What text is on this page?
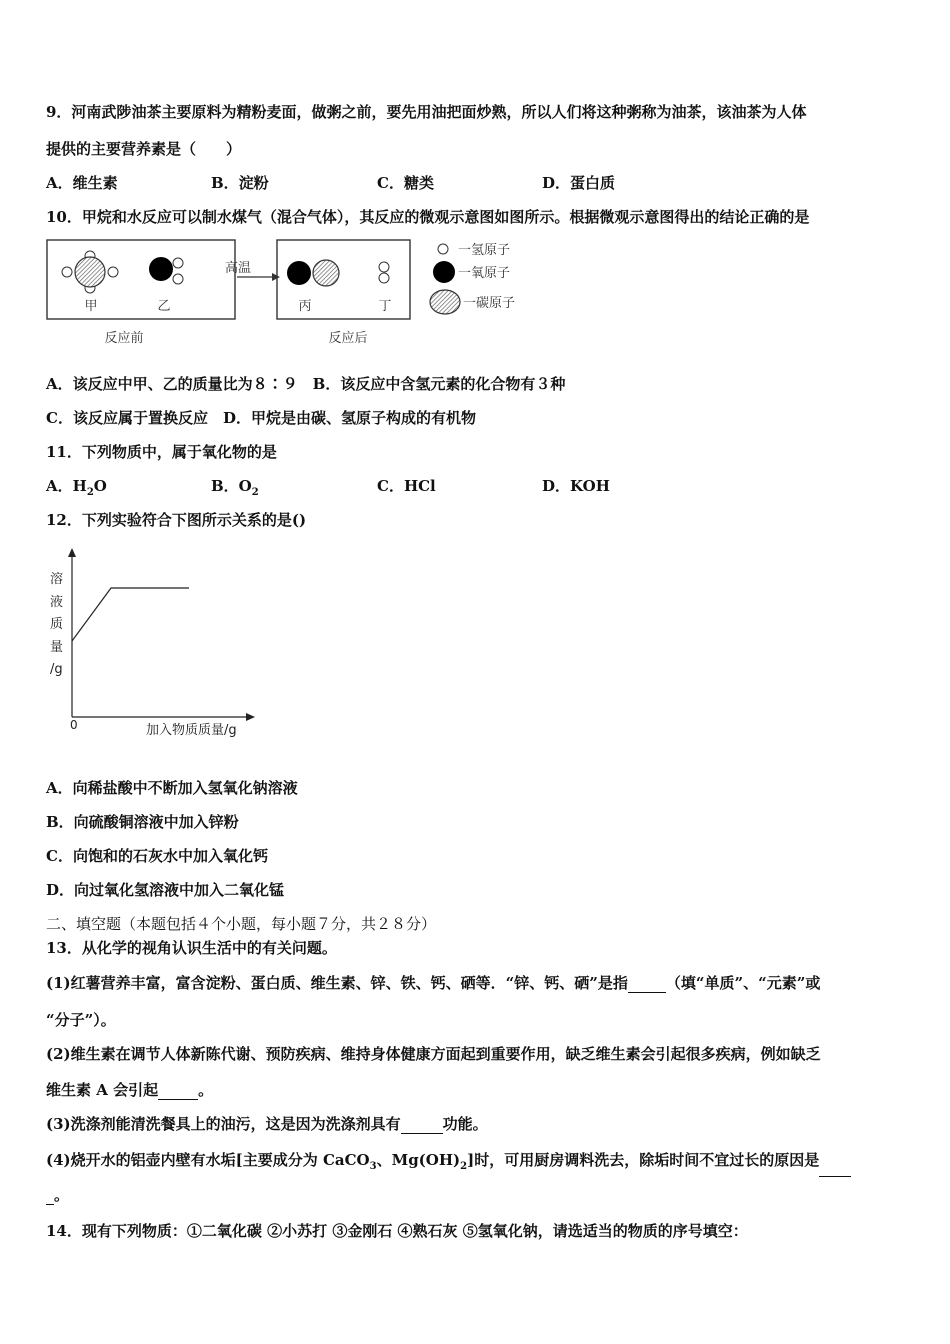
9．河南武陟油茶主要原料为精粉麦面，做粥之前，要先用油把面炒熟，所以人们将这种粥称为油茶，该油茶为人体
提供的主要营养素是（　　）
A．维生素	B．淀粉	C．糖类	D．蛋白质
10．甲烷和水反应可以制水煤气（混合气体），其反应的微观示意图如图所示。根据微观示意图得出的结论正确的是
甲	乙
高温
丙	丁
反应前	反应后
一氢原子
一氧原子
一碳原子
A．该反应中甲、乙的质量比为８∶９　B．该反应中含氢元素的化合物有３种
C．该反应属于置换反应　D．甲烷是由碳、氢原子构成的有机物
11．下列物质中，属于氧化物的是
A．$H_2O$	B．$O_2$	C．HCl	D．KOH
12．下列实验符合下图所示关系的是()
溶
液
质
量
/g
0	加入物质质量/g
A．向稀盐酸中不断加入氢氧化钠溶液
B．向硫酸铜溶液中加入锌粉
C．向饱和的石灰水中加入氧化钙
D．向过氧化氢溶液中加入二氧化锰
二、填空题（本题包括４个小题，每小题７分，共２８分）
13．从化学的视角认识生活中的有关问题。
(1)红薯营养丰富，富含淀粉、蛋白质、维生素、锌、铁、钙、硒等．“锌、钙、硒”是指	（填“单质”、“元素”或
“分子”）。
(2)维生素在调节人体新陈代谢、预防疾病、维持身体健康方面起到重要作用，缺乏维生素会引起很多疾病，例如缺乏
维生素 A 会引起	。
(3)洗涤剂能清洗餐具上的油污，这是因为洗涤剂具有	功能。
(4)烧开水的铝壶内壁有水垢[主要成分为 CaCO$_3$、$Mg(OH)_2$]时，可用厨房调料洗去，除垢时间不宜过长的原因是
。
14．现有下列物质：①二氧化碳 ②小苏打 ③金刚石 ④熟石灰 ⑤氢氧化钠，请选适当的物质的序号填空：
